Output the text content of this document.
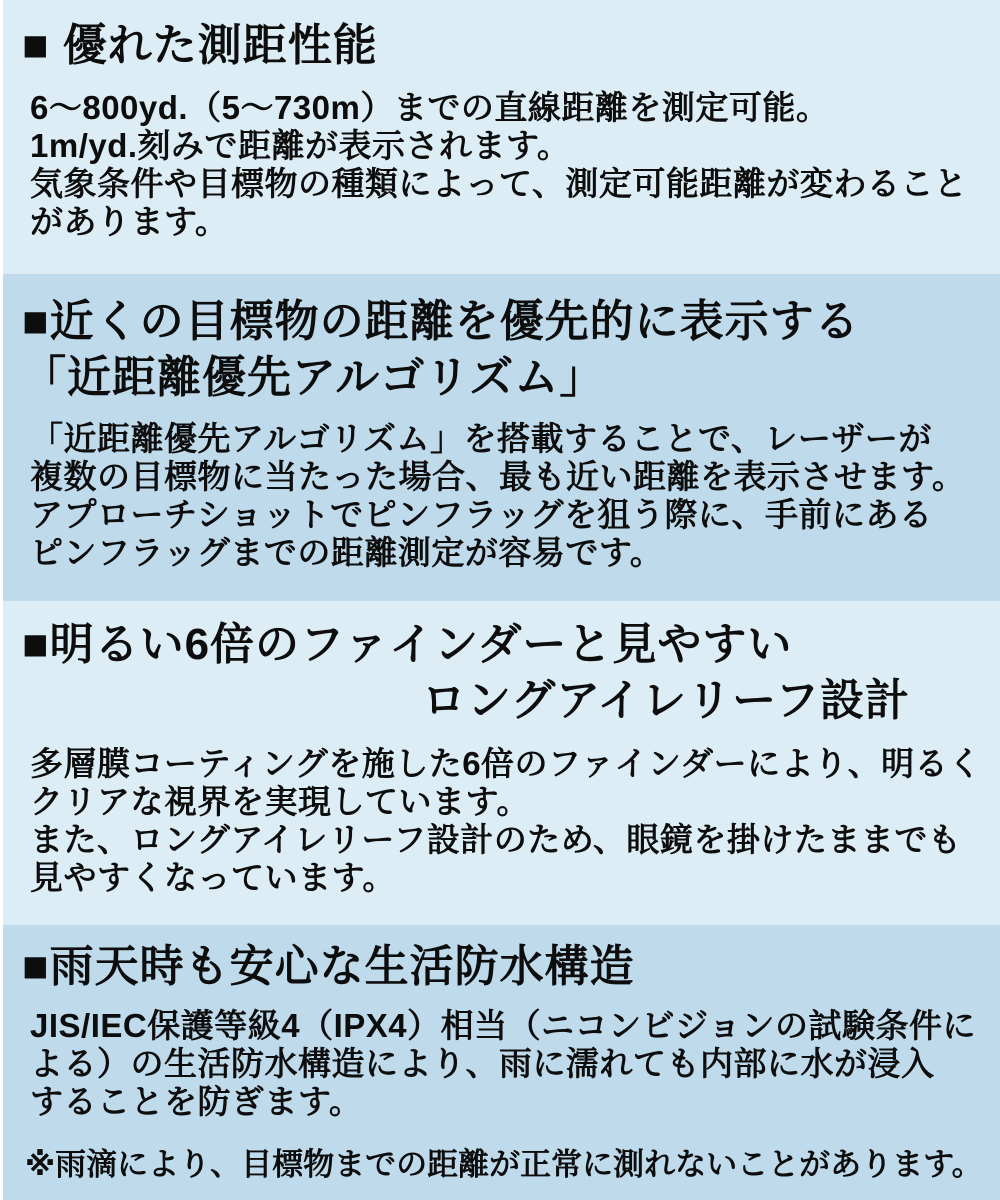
■ 優れた測距性能
6～800yd.（5～730m）までの直線距離を測定可能。
1m/yd.刻みで距離が表示されます。
気象条件や目標物の種類によって、測定可能距離が変わること
があります。
■近くの目標物の距離を優先的に表示する
「近距離優先アルゴリズム」
「近距離優先アルゴリズム」を搭載することで、レーザーが
複数の目標物に当たった場合、最も近い距離を表示させます。
アプローチショットでピンフラッグを狙う際に、手前にある
ピンフラッグまでの距離測定が容易です。
■明るい6倍のファインダーと見やすい
ロングアイレリーフ設計
多層膜コーティングを施した6倍のファインダーにより、明るく
クリアな視界を実現しています。
また、ロングアイレリーフ設計のため、眼鏡を掛けたままでも
見やすくなっています。
■雨天時も安心な生活防水構造
JIS/IEC保護等級4（IPX4）相当（ニコンビジョンの試験条件に
よる）の生活防水構造により、雨に濡れても内部に水が浸入
することを防ぎます。
※雨滴により、目標物までの距離が正常に測れないことがあります。
